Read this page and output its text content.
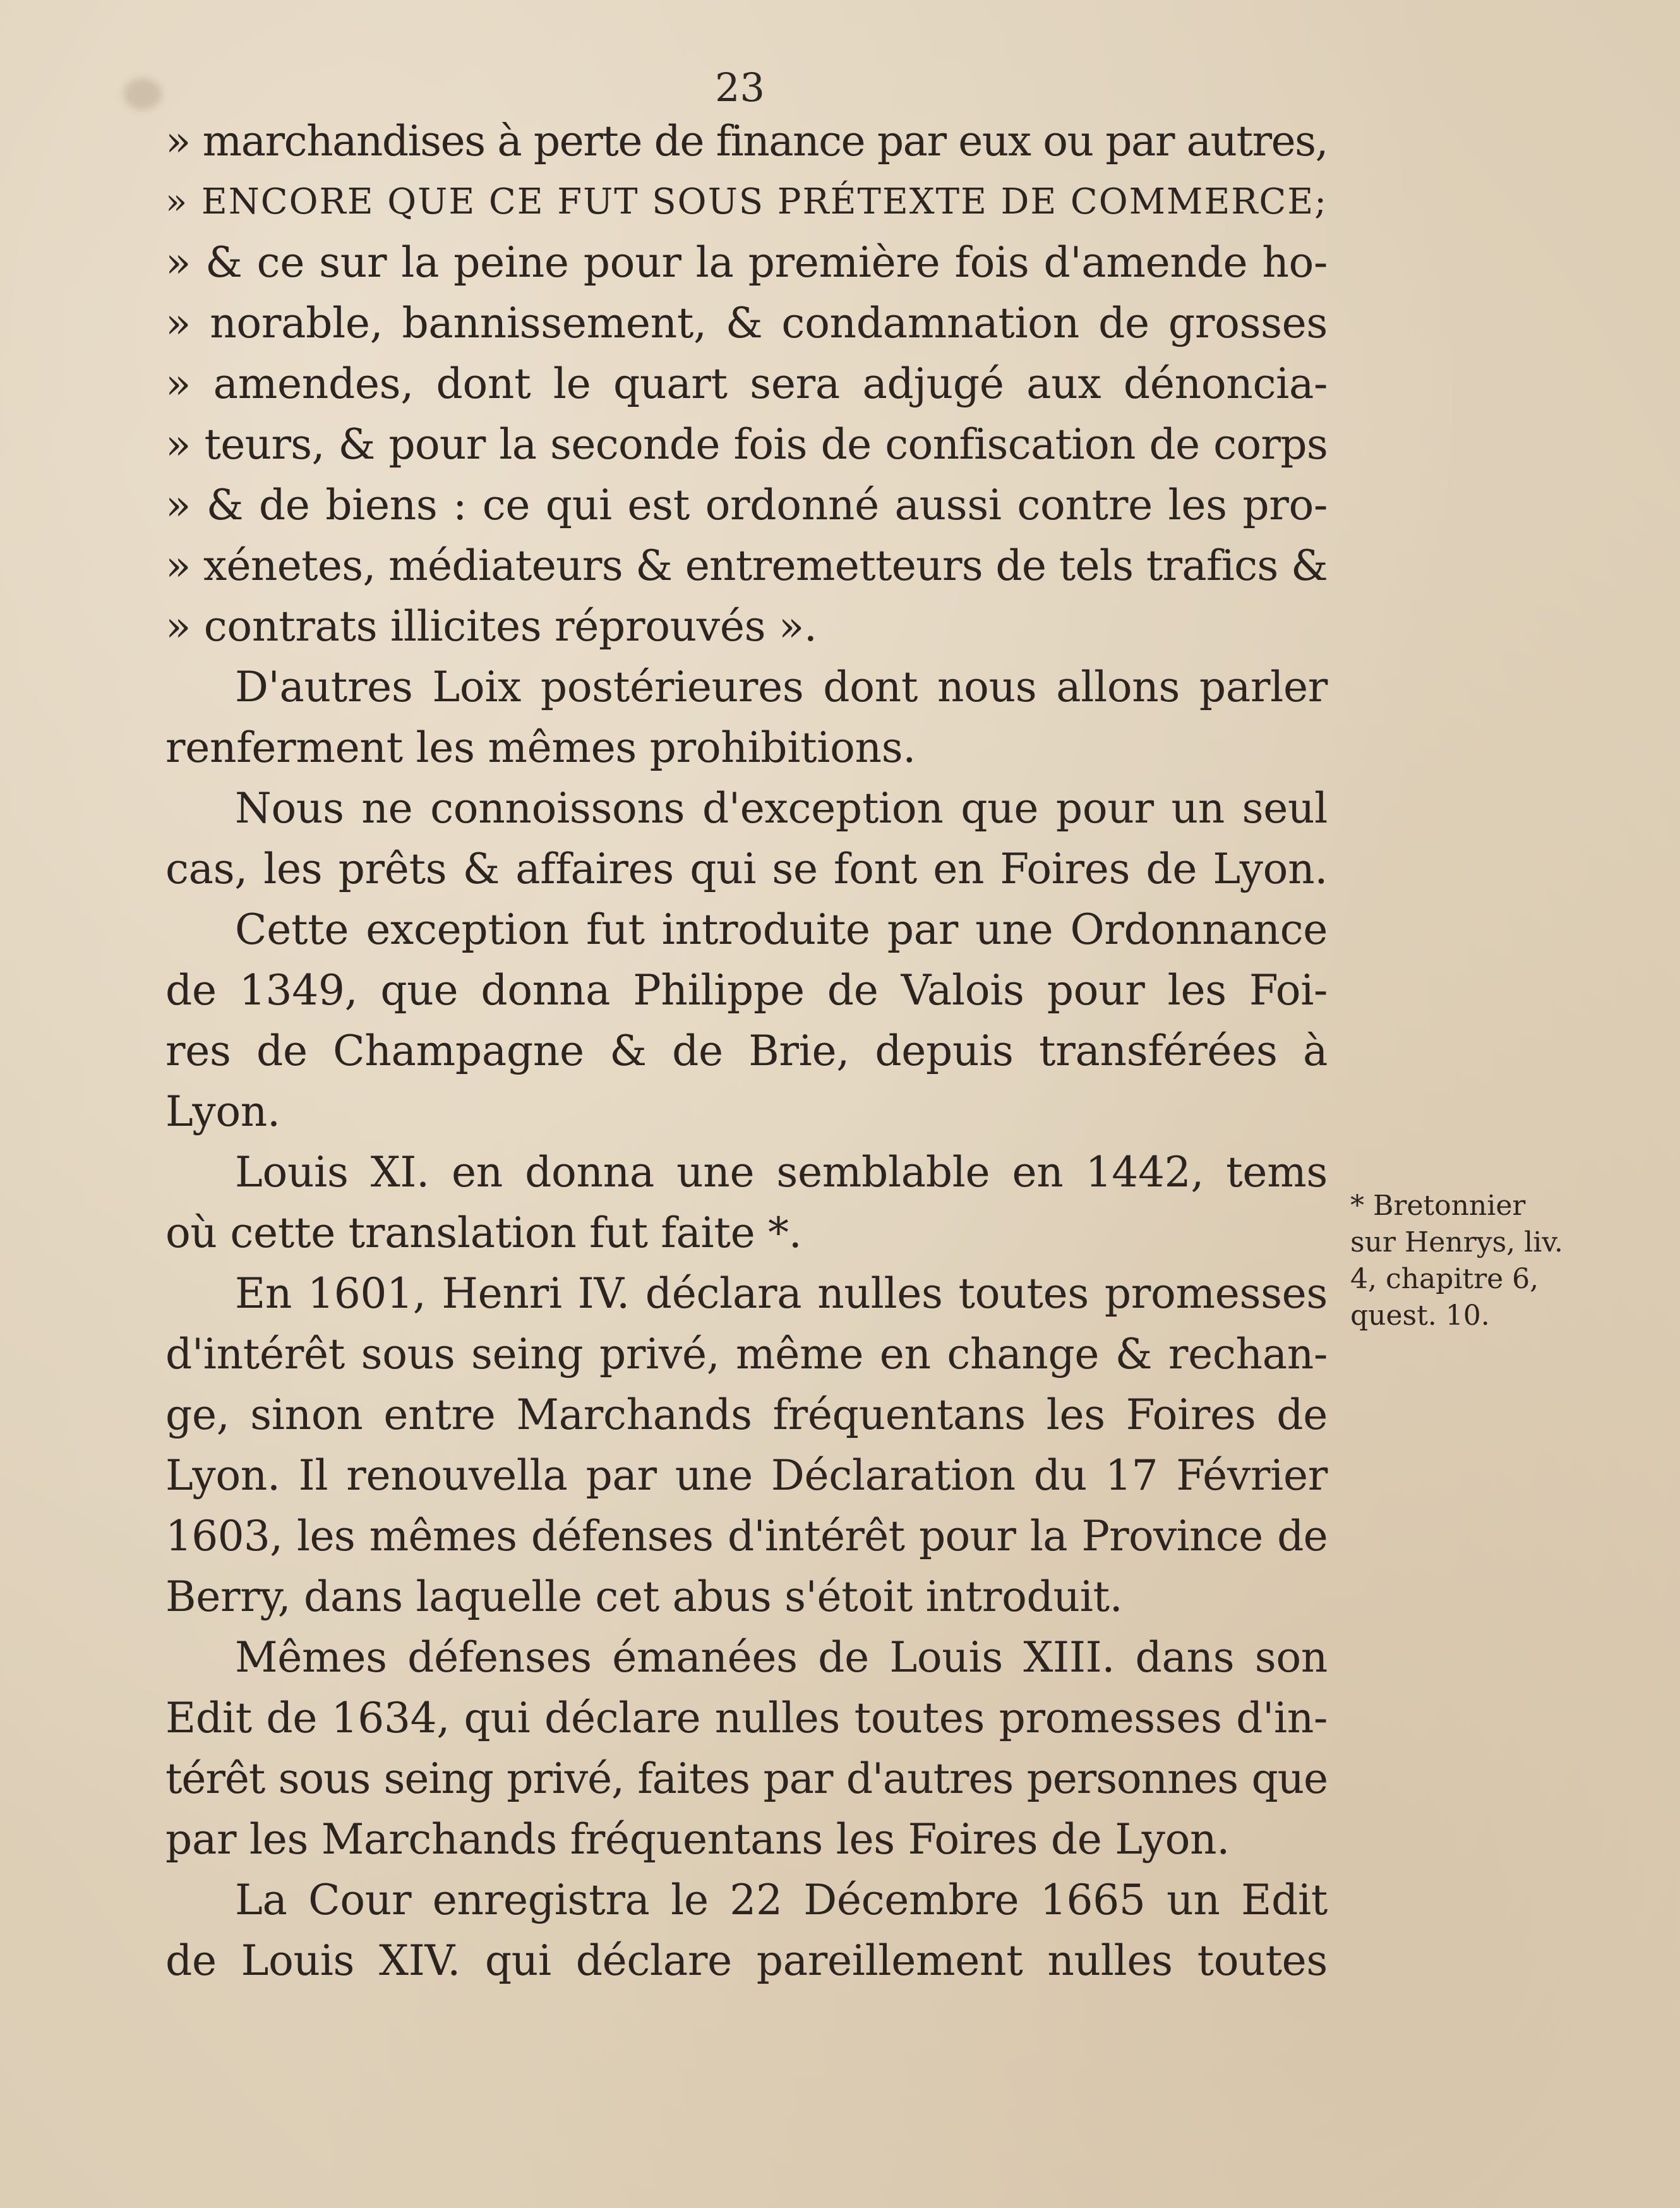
23
» marchandises à perte de finance par eux ou par autres,
» ENCORE QUE CE FUT SOUS PRÉTEXTE DE COMMERCE;
» & ce sur la peine pour la première fois d'amende ho-
» norable, bannissement, & condamnation de grosses
» amendes, dont le quart sera adjugé aux dénoncia-
» teurs, & pour la seconde fois de confiscation de corps
» & de biens : ce qui est ordonné aussi contre les pro-
» xénetes, médiateurs & entremetteurs de tels trafics &
» contrats illicites réprouvés ».
D'autres Loix postérieures dont nous allons parler
renferment les mêmes prohibitions.
Nous ne connoissons d'exception que pour un seul
cas, les prêts & affaires qui se font en Foires de Lyon.
Cette exception fut introduite par une Ordonnance
de 1349, que donna Philippe de Valois pour les Foi-
res de Champagne & de Brie, depuis transférées à
Lyon.
Louis XI. en donna une semblable en 1442, tems
où cette translation fut faite *.
En 1601, Henri IV. déclara nulles toutes promesses
d'intérêt sous seing privé, même en change & rechan-
ge, sinon entre Marchands fréquentans les Foires de
Lyon. Il renouvella par une Déclaration du 17 Février
1603, les mêmes défenses d'intérêt pour la Province de
Berry, dans laquelle cet abus s'étoit introduit.
Mêmes défenses émanées de Louis XIII. dans son
Edit de 1634, qui déclare nulles toutes promesses d'in-
térêt sous seing privé, faites par d'autres personnes que
par les Marchands fréquentans les Foires de Lyon.
La Cour enregistra le 22 Décembre 1665 un Edit
de Louis XIV. qui déclare pareillement nulles toutes
* Bretonnier
sur Henrys, liv.
4, chapitre 6,
quest. 10.
